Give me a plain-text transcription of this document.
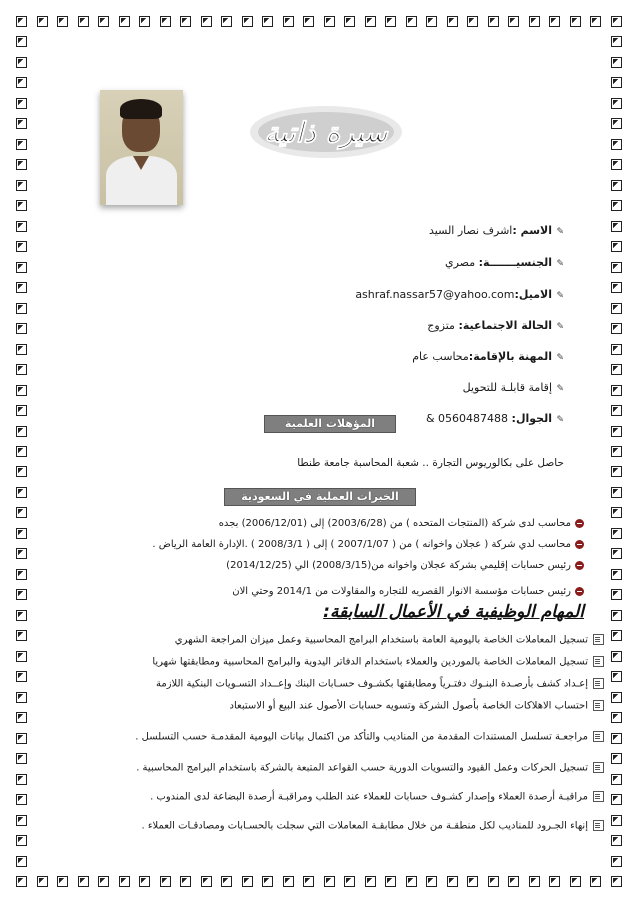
سيرة ذاتية
✎الاسم :اشرف نصار السيد
✎الجنسيـــــــة: مصري
✎الاميل:ashraf.nassar57@yahoo.com
✎الحالة الاجتماعية: متزوج
✎المهنة بالإقامة:محاسب عام
✎إقامة قابلـة للتحويل
✎الجوال: & 0560487488
المؤهلات العلمية
حاصل على بكالوريوس التجارة .. شعبة المحاسبة جامعة طنطا
الخبرات العملية في السعودية
محاسب لدى شركة (المنتجات المتحده ) من (2003/6/28) إلى (2006/12/01) بجده
محاسب لدي شركة ( عجلان واخوانه ) من ( 2007/1/07 ) إلى ( 2008/3/1 ) .الإدارة العامة الرياض .
رئيس حسابات إقليمي بشركة عجلان واخوانه من(2008/3/15) الي (2014/12/25)
رئيس حسابات مؤسسة الانوار القصريه للتجاره والمقاولات من 2014/1 وحتي الان
المهام الوظيفية في الأعمال السابقة:
تسجيل المعاملات الخاصة باليومية العامة باستخدام البرامج المحاسبية وعمل ميزان المراجعة الشهري
تسجيل المعاملات الخاصة بالموردين والعملاء باستخدام الدفاتر اليدوية والبرامج المحاسبية ومطابقتها شهريا
إعـداد كشف بأرصـدة البنـوك دفتـرياً ومطابقتها بكشـوف حسـابات البنك وإعــداد التسـويات البنكية اللازمة
احتساب الاهلاكات الخاصة بأصول الشركة وتسويه حسابات الأصول عند البيع أو الاستبعاد
مراجعـة تسلسل المستندات المقدمة من المناديب والتأكد من اكتمال بيانات اليومية المقدمـة حسب التسلسل .
تسجيل الحركات وعمل القيود والتسويات الدورية حسب القواعد المتبعة بالشركة باستخدام البرامج المحاسبية .
مراقبـة أرصدة العملاء وإصدار كشـوف حسابات للعملاء عند الطلب ومراقبـة أرصدة البضاعة لدى المندوب .
إنهاء الجـرود للمناديب لكل منطقـة من خلال مطابقـة المعاملات التي سجلت بالحسـابات ومصادقـات العملاء .
